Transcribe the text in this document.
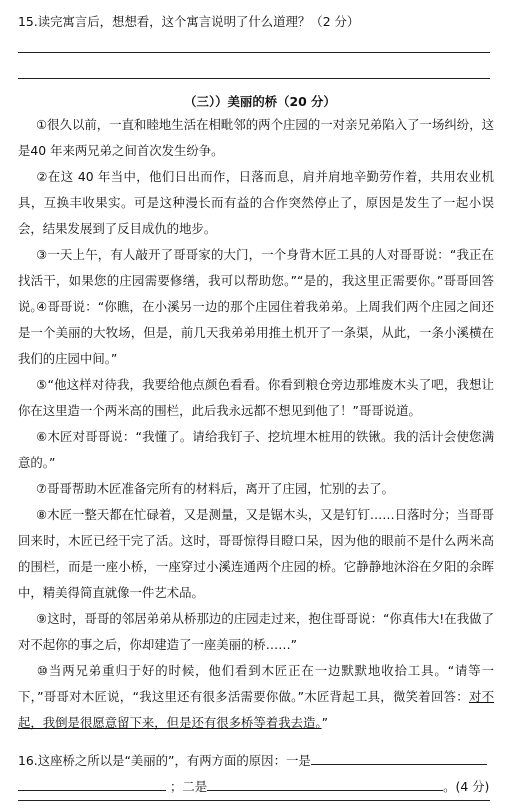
15.读完寓言后，想想看，这个寓言说明了什么道理？（2 分）
（三））美丽的桥（20 分）
①很久以前，一直和睦地生活在相毗邻的两个庄园的一对亲兄弟陷入了一场纠纷，这是40 年来两兄弟之间首次发生纷争。
②在这 40 年当中，他们日出而作，日落而息，肩并肩地辛勤劳作着，共用农业机具，互换丰收果实。可是这种漫长而有益的合作突然停止了，原因是发生了一起小误会，结果发展到了反目成仇的地步。
③一天上午，有人敲开了哥哥家的大门，一个身背木匠工具的人对哥哥说：“我正在找活干，如果您的庄园需要修缮，我可以帮助您。”“是的，我这里正需要你。”哥哥回答说。
④哥哥说：“你瞧，在小溪另一边的那个庄园住着我弟弟。上周我们两个庄园之间还是一个美丽的大牧场，但是，前几天我弟弟用推土机开了一条渠，从此，一条小溪横在我们的庄园中间。”
⑤“他这样对待我，我要给他点颜色看看。你看到粮仓旁边那堆废木头了吧，我想让你在这里造一个两米高的围栏，此后我永远都不想见到他了！”哥哥说道。
⑥木匠对哥哥说：“我懂了。请给我钉子、挖坑埋木桩用的铁锹。我的活计会使您满意的。”
⑦哥哥帮助木匠准备完所有的材料后，离开了庄园，忙别的去了。
⑧木匠一整天都在忙碌着，又是测量，又是锯木头，又是钉钉……日落时分；当哥哥回来时，木匠已经干完了活。这时，哥哥惊得目瞪口呆，因为他的眼前不是什么两米高的围栏，而是一座小桥，一座穿过小溪连通两个庄园的桥。它静静地沐浴在夕阳的余晖中，精美得简直就像一件艺术品。
⑨这时，哥哥的邻居弟弟从桥那边的庄园走过来，抱住哥哥说：“你真伟大!在我做了对不起你的事之后，你却建造了一座美丽的桥……”
⑩当两兄弟重归于好的时候，他们看到木匠正在一边默默地收拾工具。“请等一下，”哥哥对木匠说，“我这里还有很多活需要你做。”木匠背起工具，微笑着回答：对不起，我倒是很愿意留下来，但是还有很多桥等着我去造。”
16.这座桥之所以是“美丽的”，有两方面的原因：一是
；二是	。(4 分)
